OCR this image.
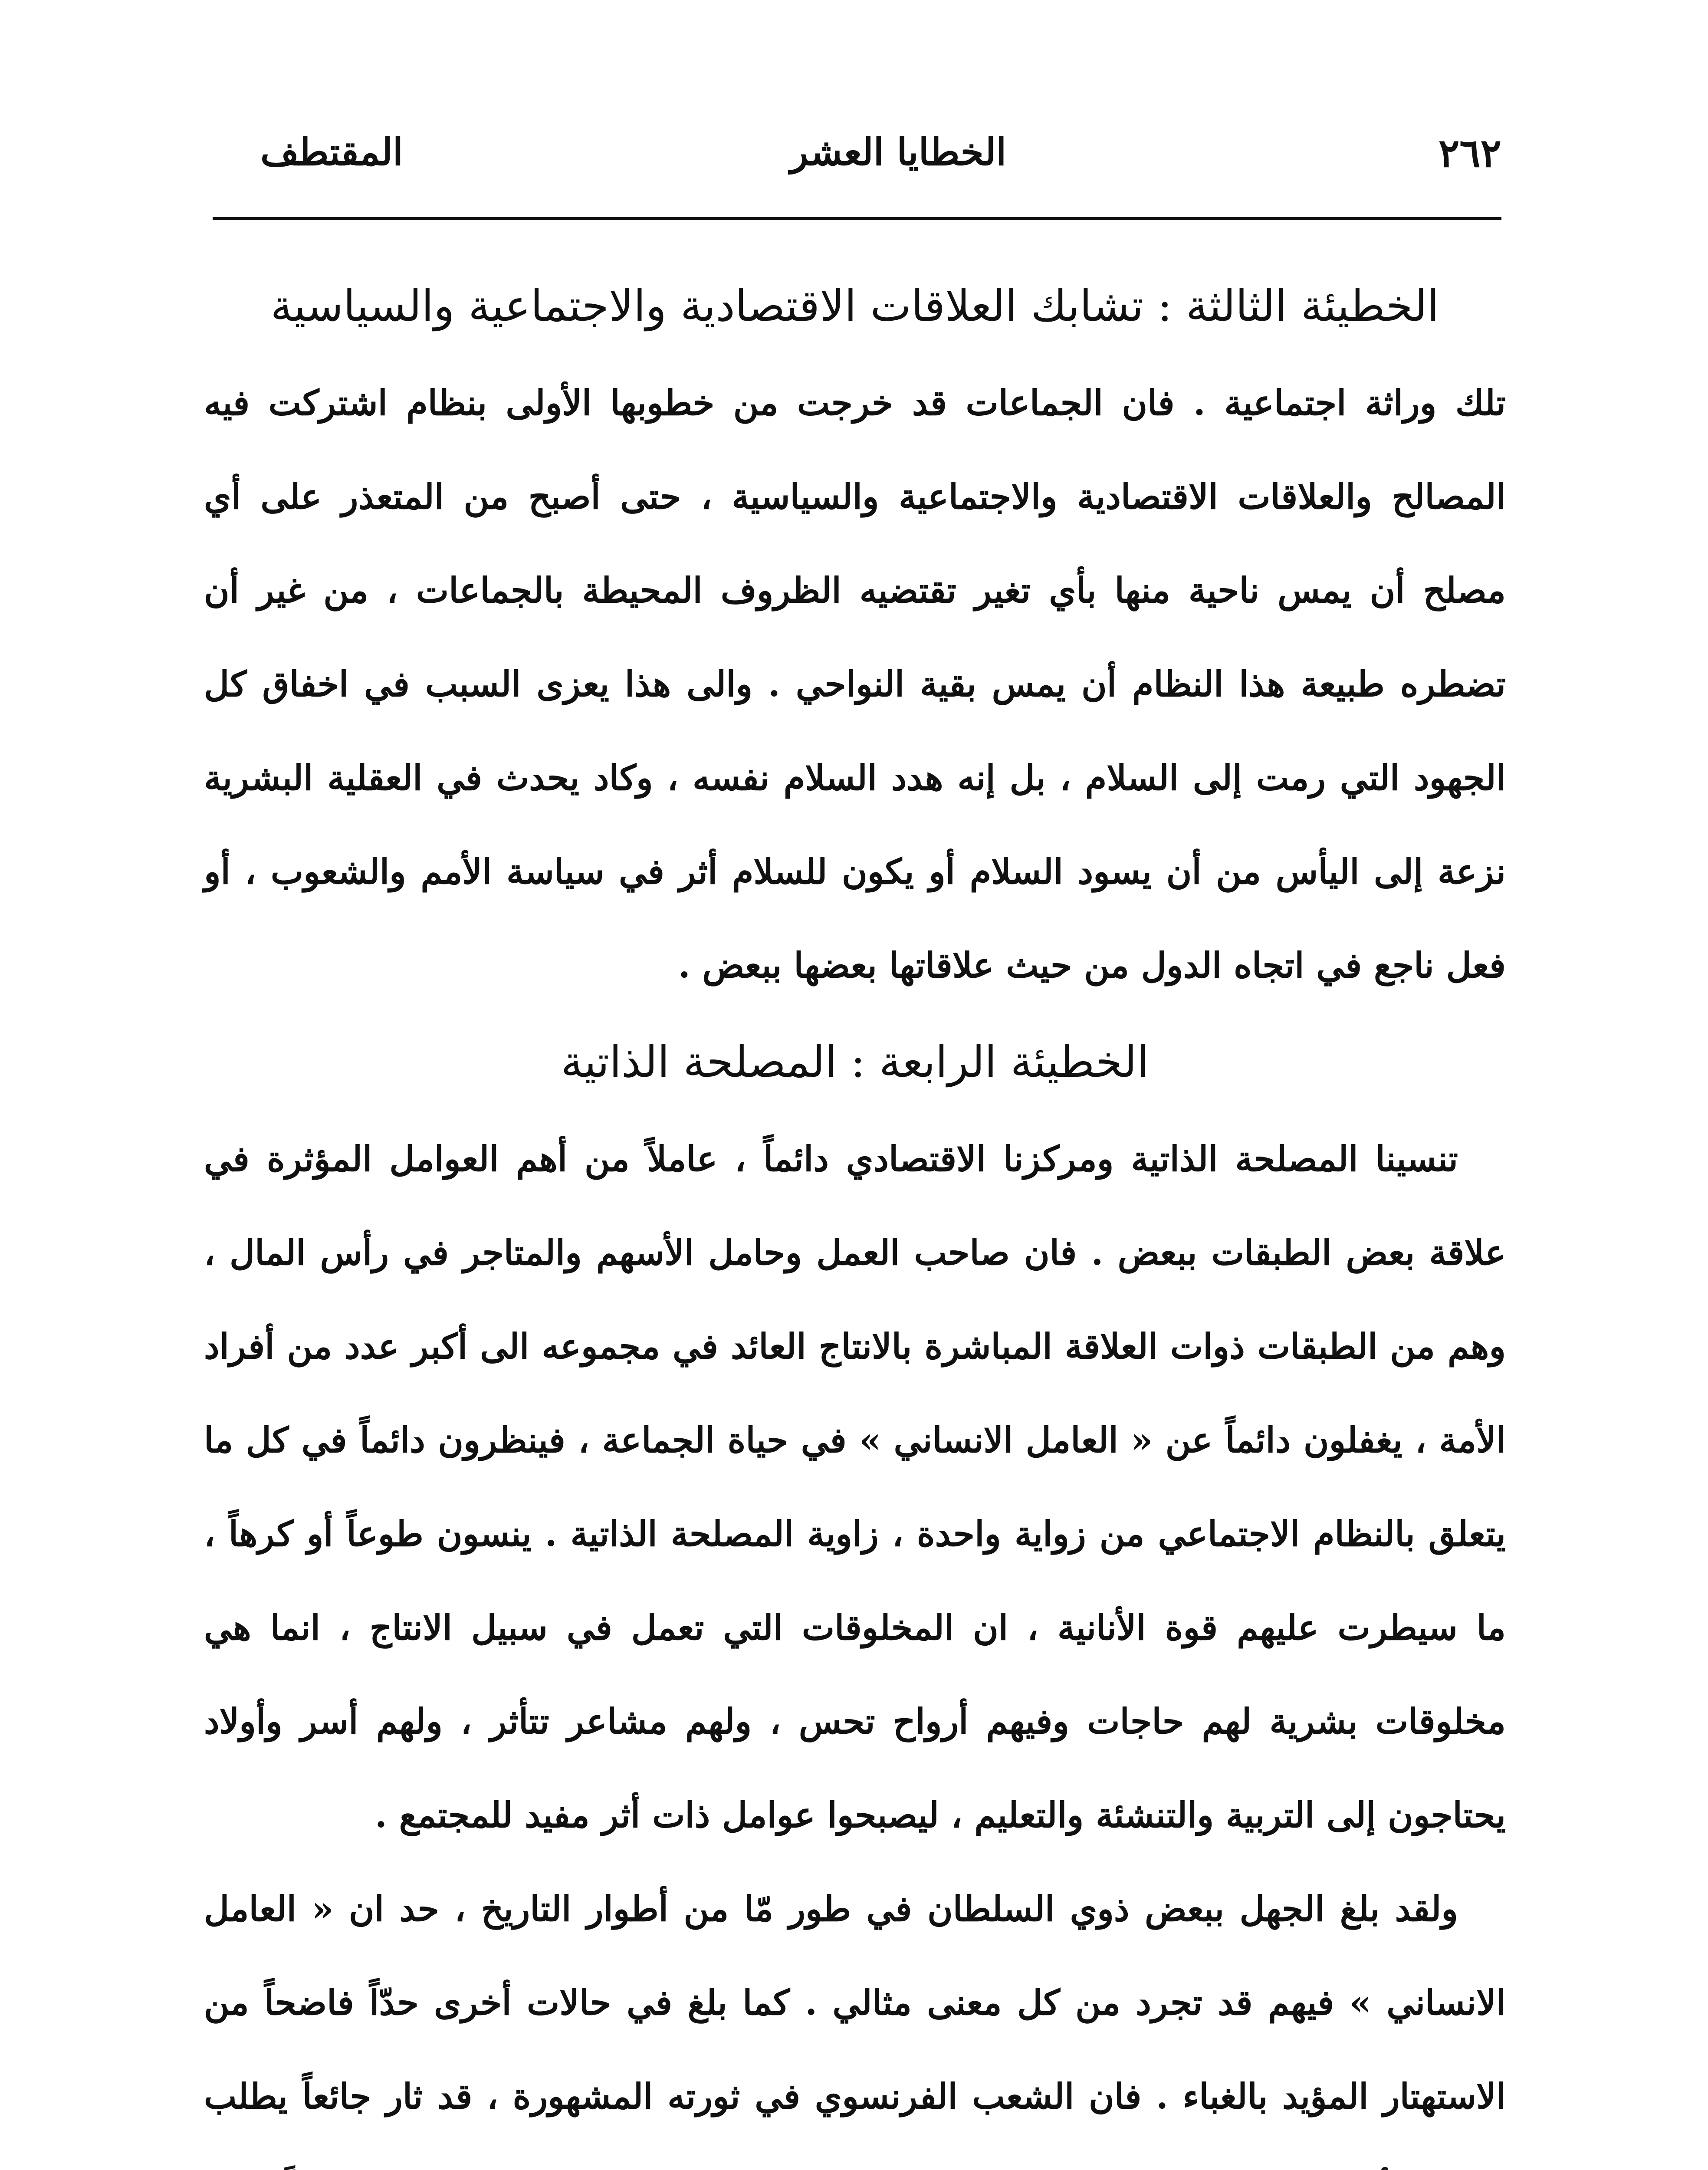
٢٦٢
الخطايا العشر
المقتطف
الخطيئة الثالثة : تشابك العلاقات الاقتصادية والاجتماعية والسياسية

تلك وراثة اجتماعية . فان الجماعات قد خرجت من خطوبها الأولى بنظام اشتركت فيه المصالح والعلاقات الاقتصادية والاجتماعية والسياسية ، حتى أصبح من المتعذر على أي مصلح أن يمس ناحية منها بأي تغير تقتضيه الظروف المحيطة بالجماعات ، من غير أن تضطره طبيعة هذا النظام أن يمس بقية النواحي . والى هذا يعزى السبب في اخفاق كل الجهود التي رمت إلى السلام ، بل إنه هدد السلام نفسه ، وكاد يحدث في العقلية البشرية نزعة إلى اليأس من أن يسود السلام أو يكون للسلام أثر في سياسة الأمم والشعوب ، أو فعل ناجع في اتجاه الدول من حيث علاقاتها بعضها ببعض .

الخطيئة الرابعة : المصلحة الذاتية

تنسينا المصلحة الذاتية ومركزنا الاقتصادي دائماً ، عاملاً من أهم العوامل المؤثرة في علاقة بعض الطبقات ببعض . فان صاحب العمل وحامل الأسهم والمتاجر في رأس المال ، وهم من الطبقات ذوات العلاقة المباشرة بالانتاج العائد في مجموعه الى أكبر عدد من أفراد الأمة ، يغفلون دائماً عن « العامل الانساني » في حياة الجماعة ، فينظرون دائماً في كل ما يتعلق بالنظام الاجتماعي من زواية واحدة ، زاوية المصلحة الذاتية . ينسون طوعاً أو كرهاً ، ما سيطرت عليهم قوة الأنانية ، ان المخلوقات التي تعمل في سبيل الانتاج ، انما هي مخلوقات بشرية لهم حاجات وفيهم أرواح تحس ، ولهم مشاعر تتأثر ، ولهم أسر وأولاد يحتاجون إلى التربية والتنشئة والتعليم ، ليصبحوا عوامل ذات أثر مفيد للمجتمع .

ولقد بلغ الجهل ببعض ذوي السلطان في طور مّا من أطوار التاريخ ، حد ان « العامل الانساني » فيهم قد تجرد من كل معنى مثالي . كما بلغ في حالات أخرى حدّاً فاضحاً من الاستهتار المؤيد بالغباء . فان الشعب الفرنسوي في ثورته المشهورة ، قد ثار جائعاً يطلب
